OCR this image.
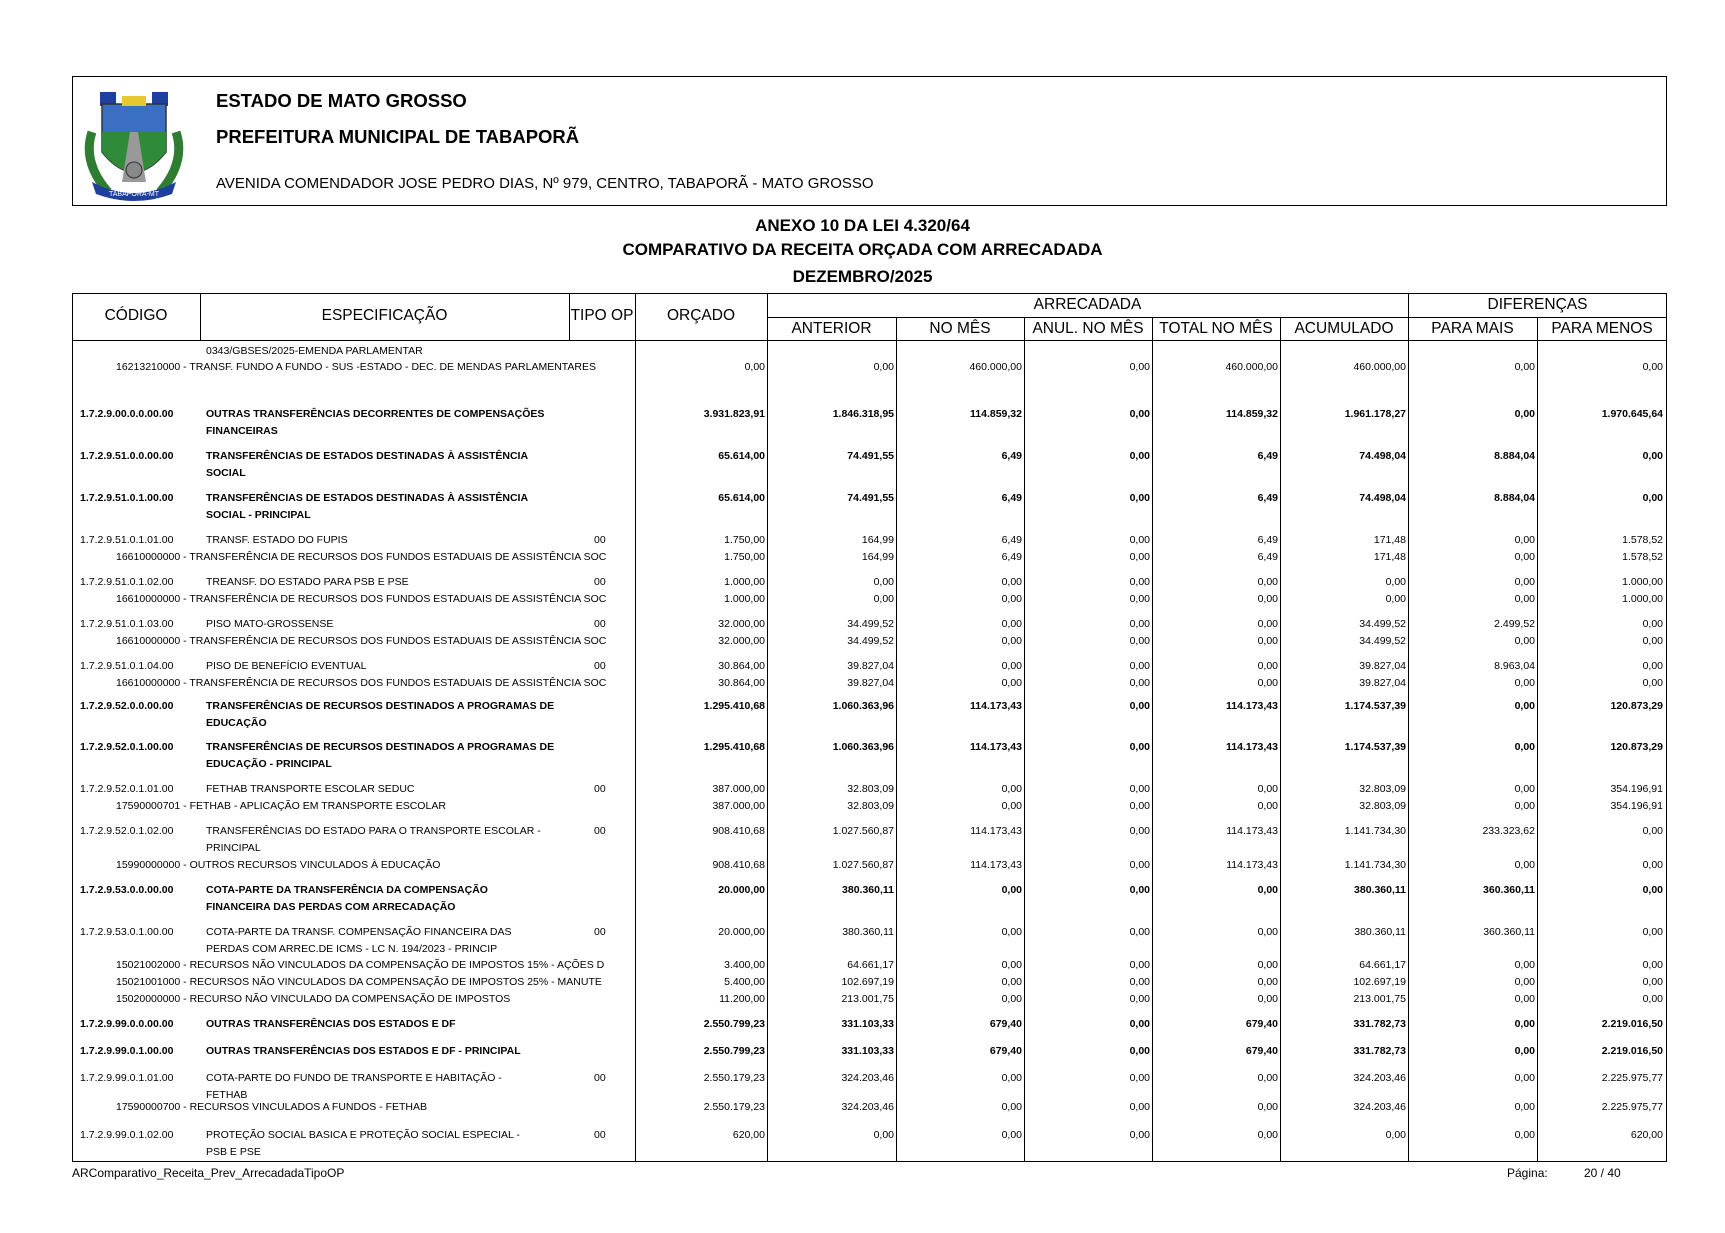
TABAPORÃ-MT
ESTADO DE MATO GROSSO
PREFEITURA MUNICIPAL DE TABAPORÃ
AVENIDA COMENDADOR JOSE PEDRO DIAS, Nº 979, CENTRO, TABAPORÃ - MATO GROSSO
ANEXO 10 DA LEI 4.320/64
COMPARATIVO DA RECEITA ORÇADA COM ARRECADADA
DEZEMBRO/2025
CÓDIGO	ESPECIFICAÇÃO	TIPO OP	ORÇADO
ARRECADADA
ANTERIOR	NO MÊS	ANUL. NO MÊS	TOTAL NO MÊS	ACUMULADO
DIFERENÇAS
PARA MAIS	PARA MENOS
0343/GBSES/2025-EMENDA PARLAMENTAR
16213210000 - TRANSF. FUNDO A FUNDO - SUS -ESTADO - DEC. DE MENDAS PARLAMENTARES	0,00	0,00	460.000,00	0,00	460.000,00	460.000,00	0,00	0,00
1.7.2.9.00.0.0.00.00	OUTRAS TRANSFERÊNCIAS DECORRENTES DE COMPENSAÇÕES
FINANCEIRAS
3.931.823,91	1.846.318,95	114.859,32	0,00	114.859,32	1.961.178,27	0,00	1.970.645,64
1.7.2.9.51.0.0.00.00	TRANSFERÊNCIAS DE ESTADOS DESTINADAS À ASSISTÊNCIA
SOCIAL
65.614,00	74.491,55	6,49	0,00	6,49	74.498,04	8.884,04	0,00
1.7.2.9.51.0.1.00.00	TRANSFERÊNCIAS DE ESTADOS DESTINADAS À ASSISTÊNCIA
SOCIAL - PRINCIPAL
65.614,00	74.491,55	6,49	0,00	6,49	74.498,04	8.884,04	0,00
1.7.2.9.51.0.1.01.00	TRANSF. ESTADO DO FUPIS	00	1.750,00	164,99	6,49	0,00	6,49	171,48	0,00	1.578,52
16610000000 - TRANSFERÊNCIA DE RECURSOS DOS FUNDOS ESTADUAIS DE ASSISTÊNCIA SOC	1.750,00	164,99	6,49	0,00	6,49	171,48	0,00	1.578,52
1.7.2.9.51.0.1.02.00	TREANSF. DO ESTADO PARA PSB E PSE	00	1.000,00	0,00	0,00	0,00	0,00	0,00	0,00	1.000,00
16610000000 - TRANSFERÊNCIA DE RECURSOS DOS FUNDOS ESTADUAIS DE ASSISTÊNCIA SOC	1.000,00	0,00	0,00	0,00	0,00	0,00	0,00	1.000,00
1.7.2.9.51.0.1.03.00	PISO MATO-GROSSENSE	00	32.000,00	34.499,52	0,00	0,00	0,00	34.499,52	2.499,52	0,00
16610000000 - TRANSFERÊNCIA DE RECURSOS DOS FUNDOS ESTADUAIS DE ASSISTÊNCIA SOC	32.000,00	34.499,52	0,00	0,00	0,00	34.499,52	0,00	0,00
1.7.2.9.51.0.1.04.00	PISO DE BENEFÍCIO EVENTUAL	00	30.864,00	39.827,04	0,00	0,00	0,00	39.827,04	8.963,04	0,00
16610000000 - TRANSFERÊNCIA DE RECURSOS DOS FUNDOS ESTADUAIS DE ASSISTÊNCIA SOC	30.864,00	39.827,04	0,00	0,00	0,00	39.827,04	0,00	0,00
1.7.2.9.52.0.0.00.00	TRANSFERÊNCIAS DE RECURSOS DESTINADOS A PROGRAMAS DE
EDUCAÇÃO
1.295.410,68	1.060.363,96	114.173,43	0,00	114.173,43	1.174.537,39	0,00	120.873,29
1.7.2.9.52.0.1.00.00	TRANSFERÊNCIAS DE RECURSOS DESTINADOS A PROGRAMAS DE
EDUCAÇÃO - PRINCIPAL
1.295.410,68	1.060.363,96	114.173,43	0,00	114.173,43	1.174.537,39	0,00	120.873,29
1.7.2.9.52.0.1.01.00	FETHAB TRANSPORTE ESCOLAR SEDUC	00	387.000,00	32.803,09	0,00	0,00	0,00	32.803,09	0,00	354.196,91
17590000701 - FETHAB - APLICAÇÃO EM TRANSPORTE ESCOLAR	387.000,00	32.803,09	0,00	0,00	0,00	32.803,09	0,00	354.196,91
1.7.2.9.52.0.1.02.00	TRANSFERÊNCIAS DO ESTADO PARA O TRANSPORTE ESCOLAR -
PRINCIPAL
00	908.410,68	1.027.560,87	114.173,43	0,00	114.173,43	1.141.734,30	233.323,62	0,00
15990000000 - OUTROS RECURSOS VINCULADOS À EDUCAÇÃO	908.410,68	1.027.560,87	114.173,43	0,00	114.173,43	1.141.734,30	0,00	0,00
1.7.2.9.53.0.0.00.00	COTA-PARTE DA TRANSFERÊNCIA DA COMPENSAÇÃO
FINANCEIRA DAS PERDAS COM ARRECADAÇÃO
20.000,00	380.360,11	0,00	0,00	0,00	380.360,11	360.360,11	0,00
1.7.2.9.53.0.1.00.00	COTA-PARTE DA TRANSF. COMPENSAÇÃO FINANCEIRA DAS
PERDAS COM ARREC.DE ICMS - LC N. 194/2023 - PRINCIP
00	20.000,00	380.360,11	0,00	0,00	0,00	380.360,11	360.360,11	0,00
15021002000 - RECURSOS NÃO VINCULADOS DA COMPENSAÇÃO DE IMPOSTOS 15% - AÇÕES D	3.400,00	64.661,17	0,00	0,00	0,00	64.661,17	0,00	0,00
15021001000 - RECURSOS NÃO VINCULADOS DA COMPENSAÇÃO DE IMPOSTOS 25% - MANUTE	5.400,00	102.697,19	0,00	0,00	0,00	102.697,19	0,00	0,00
15020000000 - RECURSO NÃO VINCULADO DA COMPENSAÇÃO DE IMPOSTOS	11.200,00	213.001,75	0,00	0,00	0,00	213.001,75	0,00	0,00
1.7.2.9.99.0.0.00.00	OUTRAS TRANSFERÊNCIAS DOS ESTADOS E DF	2.550.799,23	331.103,33	679,40	0,00	679,40	331.782,73	0,00	2.219.016,50
1.7.2.9.99.0.1.00.00	OUTRAS TRANSFERÊNCIAS DOS ESTADOS E DF - PRINCIPAL	2.550.799,23	331.103,33	679,40	0,00	679,40	331.782,73	0,00	2.219.016,50
1.7.2.9.99.0.1.01.00	COTA-PARTE DO FUNDO DE TRANSPORTE E HABITAÇÃO -
FETHAB
00	2.550.179,23	324.203,46	0,00	0,00	0,00	324.203,46	0,00	2.225.975,77
17590000700 - RECURSOS VINCULADOS A FUNDOS - FETHAB	2.550.179,23	324.203,46	0,00	0,00	0,00	324.203,46	0,00	2.225.975,77
1.7.2.9.99.0.1.02.00	PROTEÇÃO SOCIAL BASICA E PROTEÇÃO SOCIAL ESPECIAL -
PSB E PSE
00	620,00	0,00	0,00	0,00	0,00	0,00	0,00	620,00
ARComparativo_Receita_Prev_ArrecadadaTipoOP	Página:	20 / 40
